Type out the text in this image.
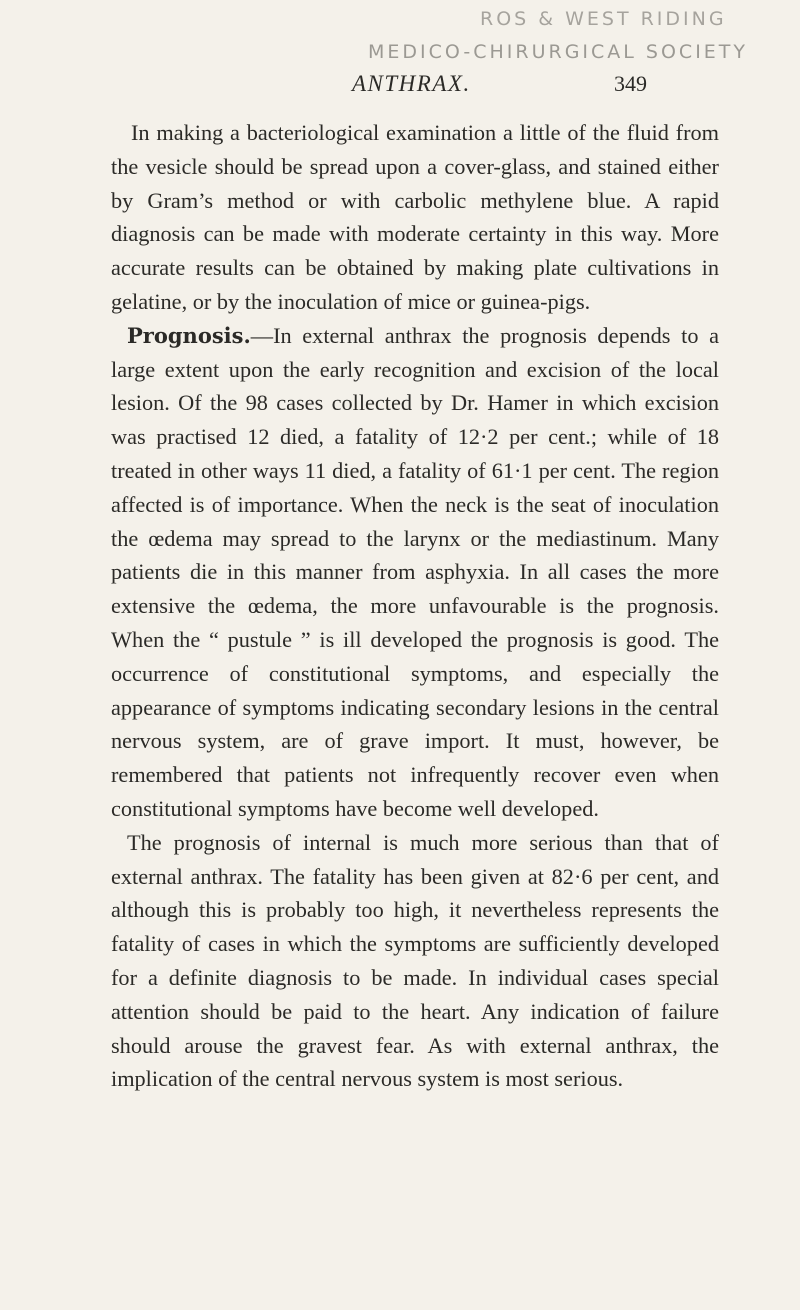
ROS & WEST RIDING
MEDICO-CHIRURGICAL SOCIETY
ANTHRAX.	349

In making a bacteriological examination a little of the fluid from the vesicle should be spread upon a cover-glass, and stained either by Gram’s method or with carbolic methylene blue. A rapid diagnosis can be made with moderate certainty in this way. More accurate results can be obtained by making plate cultivations in gelatine, or by the inoculation of mice or guinea-pigs.

Prognosis.—In external anthrax the prognosis depends to a large extent upon the early recognition and excision of the local lesion. Of the 98 cases collected by Dr. Hamer in which excision was practised 12 died, a fatality of 12·2 per cent.; while of 18 treated in other ways 11 died, a fatality of 61·1 per cent. The region affected is of importance. When the neck is the seat of inoculation the œdema may spread to the larynx or the mediastinum. Many patients die in this manner from asphyxia. In all cases the more extensive the œdema, the more unfavourable is the prognosis. When the “ pustule ” is ill developed the prognosis is good. The occurrence of constitutional symptoms, and especially the appearance of symptoms indicating secondary lesions in the central nervous system, are of grave import. It must, however, be remembered that patients not infrequently recover even when constitutional symptoms have become well developed.

The prognosis of internal is much more serious than that of external anthrax. The fatality has been given at 82·6 per cent, and although this is probably too high, it nevertheless represents the fatality of cases in which the symptoms are sufficiently developed for a definite diagnosis to be made. In individual cases special attention should be paid to the heart. Any indication of failure should arouse the gravest fear. As with external anthrax, the implication of the central nervous system is most serious.
